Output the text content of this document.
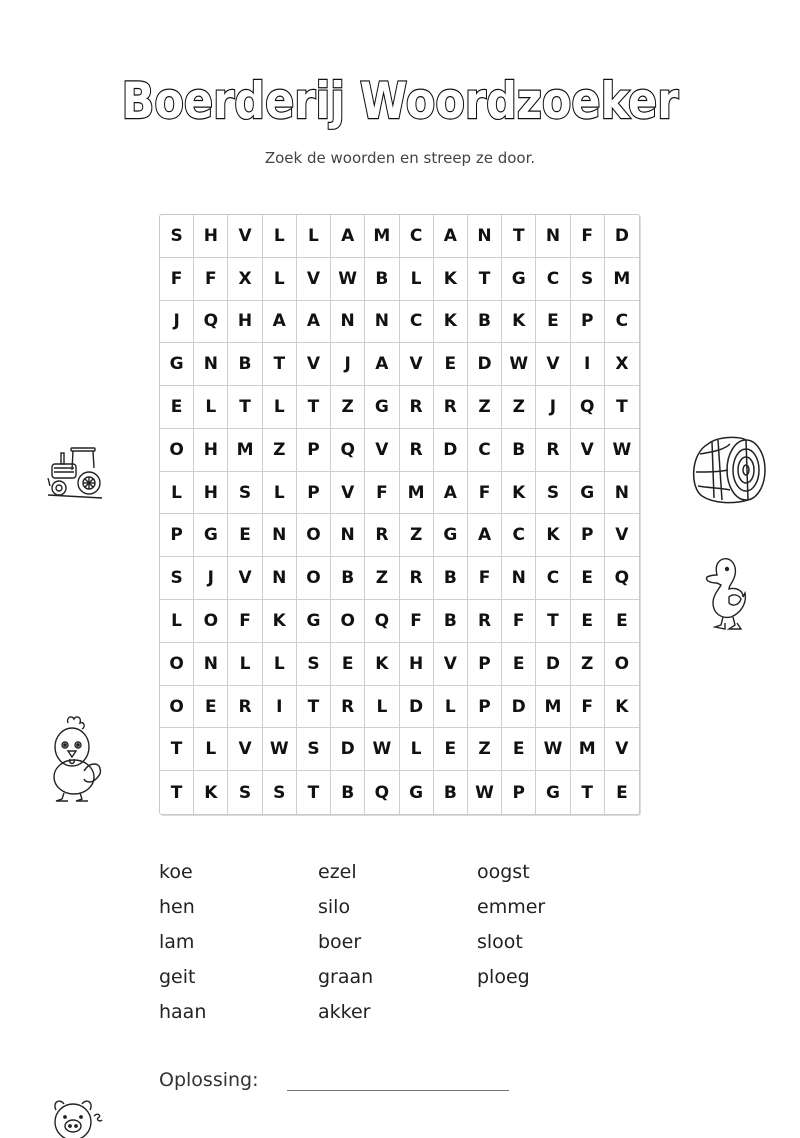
Boerderij Woordzoeker
Zoek de woorden en streep ze door.
S	H	V	L	L	A	M	C	A	N	T	N	F	D
F	F	X	L	V	W	B	L	K	T	G	C	S	M
J	Q	H	A	A	N	N	C	K	B	K	E	P	C
G	N	B	T	V	J	A	V	E	D	W	V	I	X
E	L	T	L	T	Z	G	R	R	Z	Z	J	Q	T
O	H	M	Z	P	Q	V	R	D	C	B	R	V	W
L	H	S	L	P	V	F	M	A	F	K	S	G	N
P	G	E	N	O	N	R	Z	G	A	C	K	P	V
S	J	V	N	O	B	Z	R	B	F	N	C	E	Q
L	O	F	K	G	O	Q	F	B	R	F	T	E	E
O	N	L	L	S	E	K	H	V	P	E	D	Z	O
O	E	R	I	T	R	L	D	L	P	D	M	F	K
T	L	V	W	S	D	W	L	E	Z	E	W M	V
T	K	S	S	T	B	Q	G	B	W	P	G	T	E
koe	ezel	oogst
hen	silo	emmer
lam	boer	sloot
geit	graan	ploeg
haan	akker
Oplossing:
